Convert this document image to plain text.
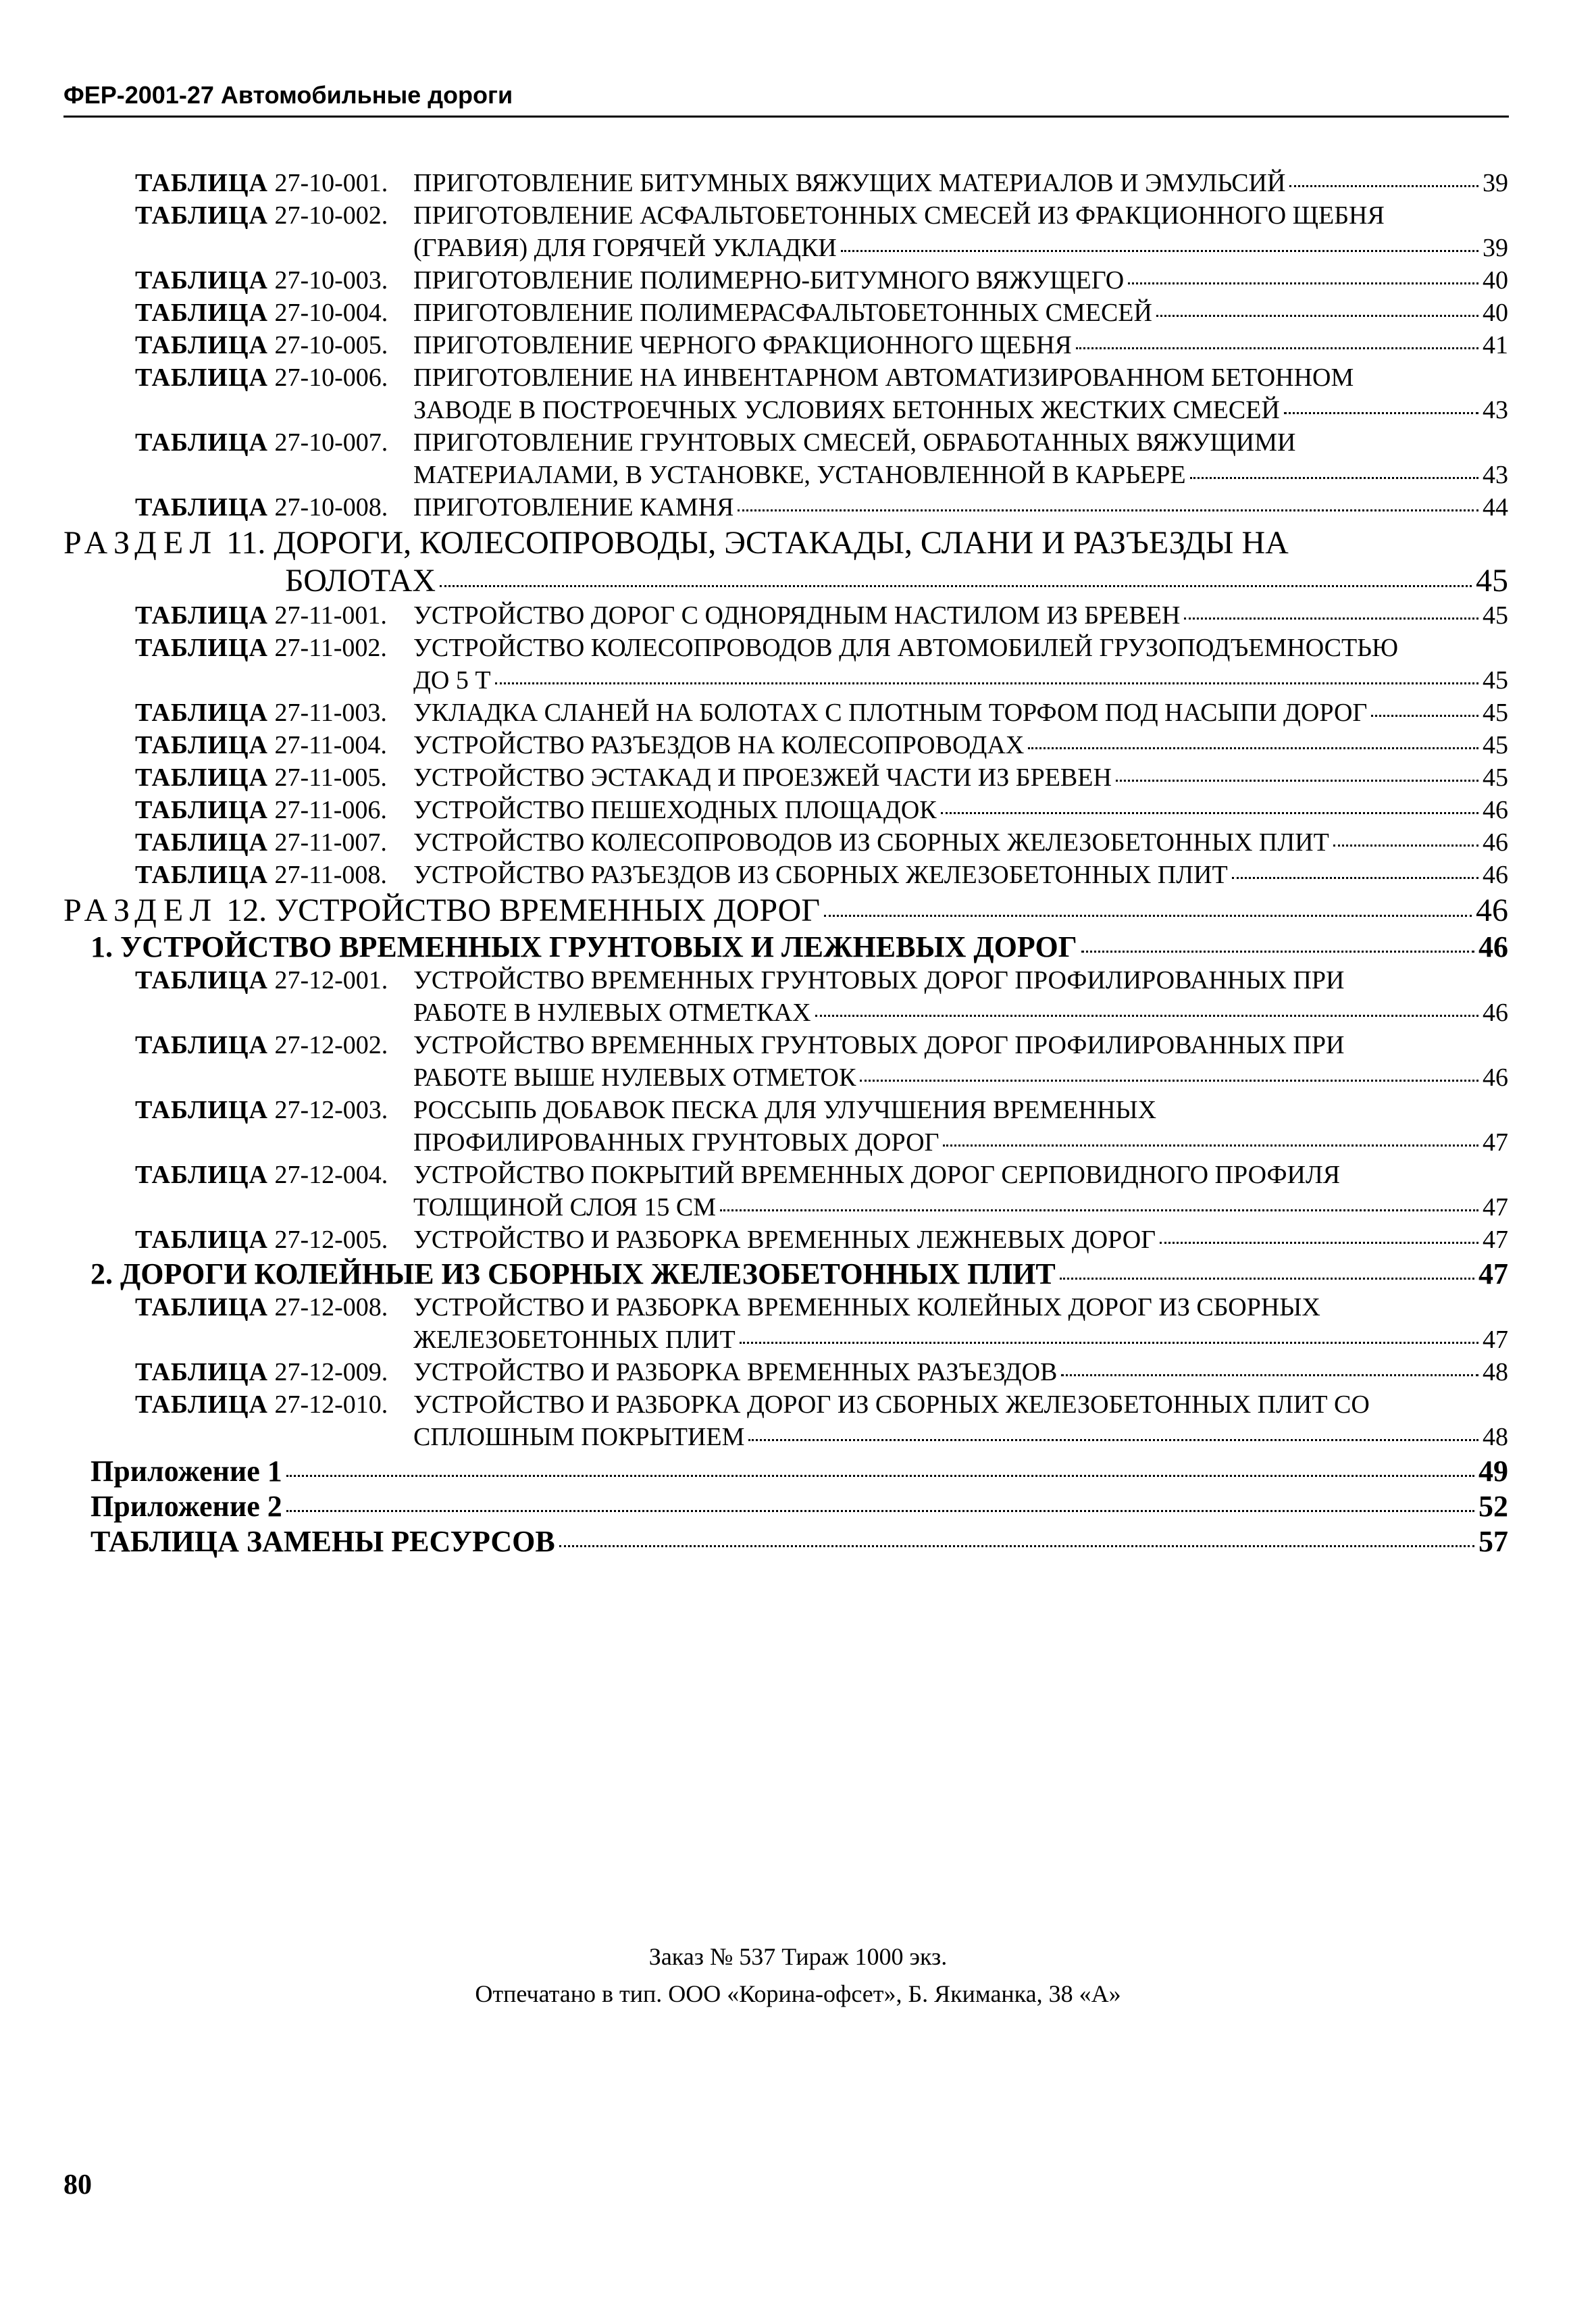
ФЕР-2001-27 Автомобильные дороги
ТАБЛИЦА 27-10-001. ПРИГОТОВЛЕНИЕ БИТУМНЫХ ВЯЖУЩИХ МАТЕРИАЛОВ И ЭМУЛЬСИЙ	39
ТАБЛИЦА 27-10-002. ПРИГОТОВЛЕНИЕ АСФАЛЬТОБЕТОННЫХ СМЕСЕЙ ИЗ ФРАКЦИОННОГО ЩЕБНЯ
(ГРАВИЯ) ДЛЯ ГОРЯЧЕЙ УКЛАДКИ	39
ТАБЛИЦА 27-10-003. ПРИГОТОВЛЕНИЕ ПОЛИМЕРНО-БИТУМНОГО ВЯЖУЩЕГО	40
ТАБЛИЦА 27-10-004. ПРИГОТОВЛЕНИЕ ПОЛИМЕРАСФАЛЬТОБЕТОННЫХ СМЕСЕЙ	40
ТАБЛИЦА 27-10-005. ПРИГОТОВЛЕНИЕ ЧЕРНОГО ФРАКЦИОННОГО ЩЕБНЯ	41
ТАБЛИЦА 27-10-006. ПРИГОТОВЛЕНИЕ НА ИНВЕНТАРНОМ АВТОМАТИЗИРОВАННОМ БЕТОННОМ
ЗАВОДЕ В ПОСТРОЕЧНЫХ УСЛОВИЯХ БЕТОННЫХ ЖЕСТКИХ СМЕСЕЙ	43
ТАБЛИЦА 27-10-007. ПРИГОТОВЛЕНИЕ ГРУНТОВЫХ СМЕСЕЙ, ОБРАБОТАННЫХ ВЯЖУЩИМИ
МАТЕРИАЛАМИ, В УСТАНОВКЕ, УСТАНОВЛЕННОЙ В КАРЬЕРЕ	43
ТАБЛИЦА 27-10-008. ПРИГОТОВЛЕНИЕ КАМНЯ	44
РАЗДЕЛ
11.
ДОРОГИ, КОЛЕСОПРОВОДЫ, ЭСТАКАДЫ, СЛАНИ И РАЗЪЕЗДЫ НА
БОЛОТАХ	45
ТАБЛИЦА 27-11-001.	УСТРОЙСТВО ДОРОГ С ОДНОРЯДНЫМ НАСТИЛОМ ИЗ БРЕВЕН	45
ТАБЛИЦА 27-11-002.	УСТРОЙСТВО КОЛЕСОПРОВОДОВ ДЛЯ АВТОМОБИЛЕЙ ГРУЗОПОДЪЕМНОСТЬЮ
ДО 5 Т	45
ТАБЛИЦА 27-11-003.	УКЛАДКА СЛАНЕЙ НА БОЛОТАХ С ПЛОТНЫМ ТОРФОМ ПОД НАСЫПИ ДОРОГ	45
ТАБЛИЦА 27-11-004.	УСТРОЙСТВО РАЗЪЕЗДОВ НА КОЛЕСОПРОВОДАХ	45
ТАБЛИЦА 27-11-005.	УСТРОЙСТВО ЭСТАКАД И ПРОЕЗЖЕЙ ЧАСТИ ИЗ БРЕВЕН	45
ТАБЛИЦА 27-11-006.	УСТРОЙСТВО ПЕШЕХОДНЫХ ПЛОЩАДОК	46
ТАБЛИЦА 27-11-007.	УСТРОЙСТВО КОЛЕСОПРОВОДОВ ИЗ СБОРНЫХ ЖЕЛЕЗОБЕТОННЫХ ПЛИТ	46
ТАБЛИЦА 27-11-008.	УСТРОЙСТВО РАЗЪЕЗДОВ ИЗ СБОРНЫХ ЖЕЛЕЗОБЕТОННЫХ ПЛИТ	46
РАЗДЕЛ
12.
УСТРОЙСТВО ВРЕМЕННЫХ ДОРОГ	46
1. УСТРОЙСТВО ВРЕМЕННЫХ ГРУНТОВЫХ И ЛЕЖНЕВЫХ ДОРОГ	46
ТАБЛИЦА 27-12-001. УСТРОЙСТВО ВРЕМЕННЫХ ГРУНТОВЫХ ДОРОГ ПРОФИЛИРОВАННЫХ ПРИ
РАБОТЕ В НУЛЕВЫХ ОТМЕТКАХ	46
ТАБЛИЦА 27-12-002. УСТРОЙСТВО ВРЕМЕННЫХ ГРУНТОВЫХ ДОРОГ ПРОФИЛИРОВАННЫХ ПРИ
РАБОТЕ ВЫШЕ НУЛЕВЫХ ОТМЕТОК	46
ТАБЛИЦА 27-12-003. РОССЫПЬ ДОБАВОК ПЕСКА ДЛЯ УЛУЧШЕНИЯ ВРЕМЕННЫХ
ПРОФИЛИРОВАННЫХ ГРУНТОВЫХ ДОРОГ	47
ТАБЛИЦА 27-12-004. УСТРОЙСТВО ПОКРЫТИЙ ВРЕМЕННЫХ ДОРОГ СЕРПОВИДНОГО ПРОФИЛЯ
ТОЛЩИНОЙ СЛОЯ 15 СМ	47
ТАБЛИЦА 27-12-005. УСТРОЙСТВО И РАЗБОРКА ВРЕМЕННЫХ ЛЕЖНЕВЫХ ДОРОГ	47
2. ДОРОГИ КОЛЕЙНЫЕ ИЗ СБОРНЫХ ЖЕЛЕЗОБЕТОННЫХ ПЛИТ	47
ТАБЛИЦА 27-12-008. УСТРОЙСТВО И РАЗБОРКА ВРЕМЕННЫХ КОЛЕЙНЫХ ДОРОГ ИЗ СБОРНЫХ
ЖЕЛЕЗОБЕТОННЫХ ПЛИТ	47
ТАБЛИЦА 27-12-009. УСТРОЙСТВО И РАЗБОРКА ВРЕМЕННЫХ РАЗЪЕЗДОВ	48
ТАБЛИЦА 27-12-010. УСТРОЙСТВО И РАЗБОРКА ДОРОГ ИЗ СБОРНЫХ ЖЕЛЕЗОБЕТОННЫХ ПЛИТ СО
СПЛОШНЫМ ПОКРЫТИЕМ	48
Приложение 1	49
Приложение 2	52
ТАБЛИЦА ЗАМЕНЫ РЕСУРСОВ	57
Заказ № 537 Тираж 1000 экз.
Отпечатано в тип. ООО «Корина-офсет», Б. Якиманка, 38 «А»
80
